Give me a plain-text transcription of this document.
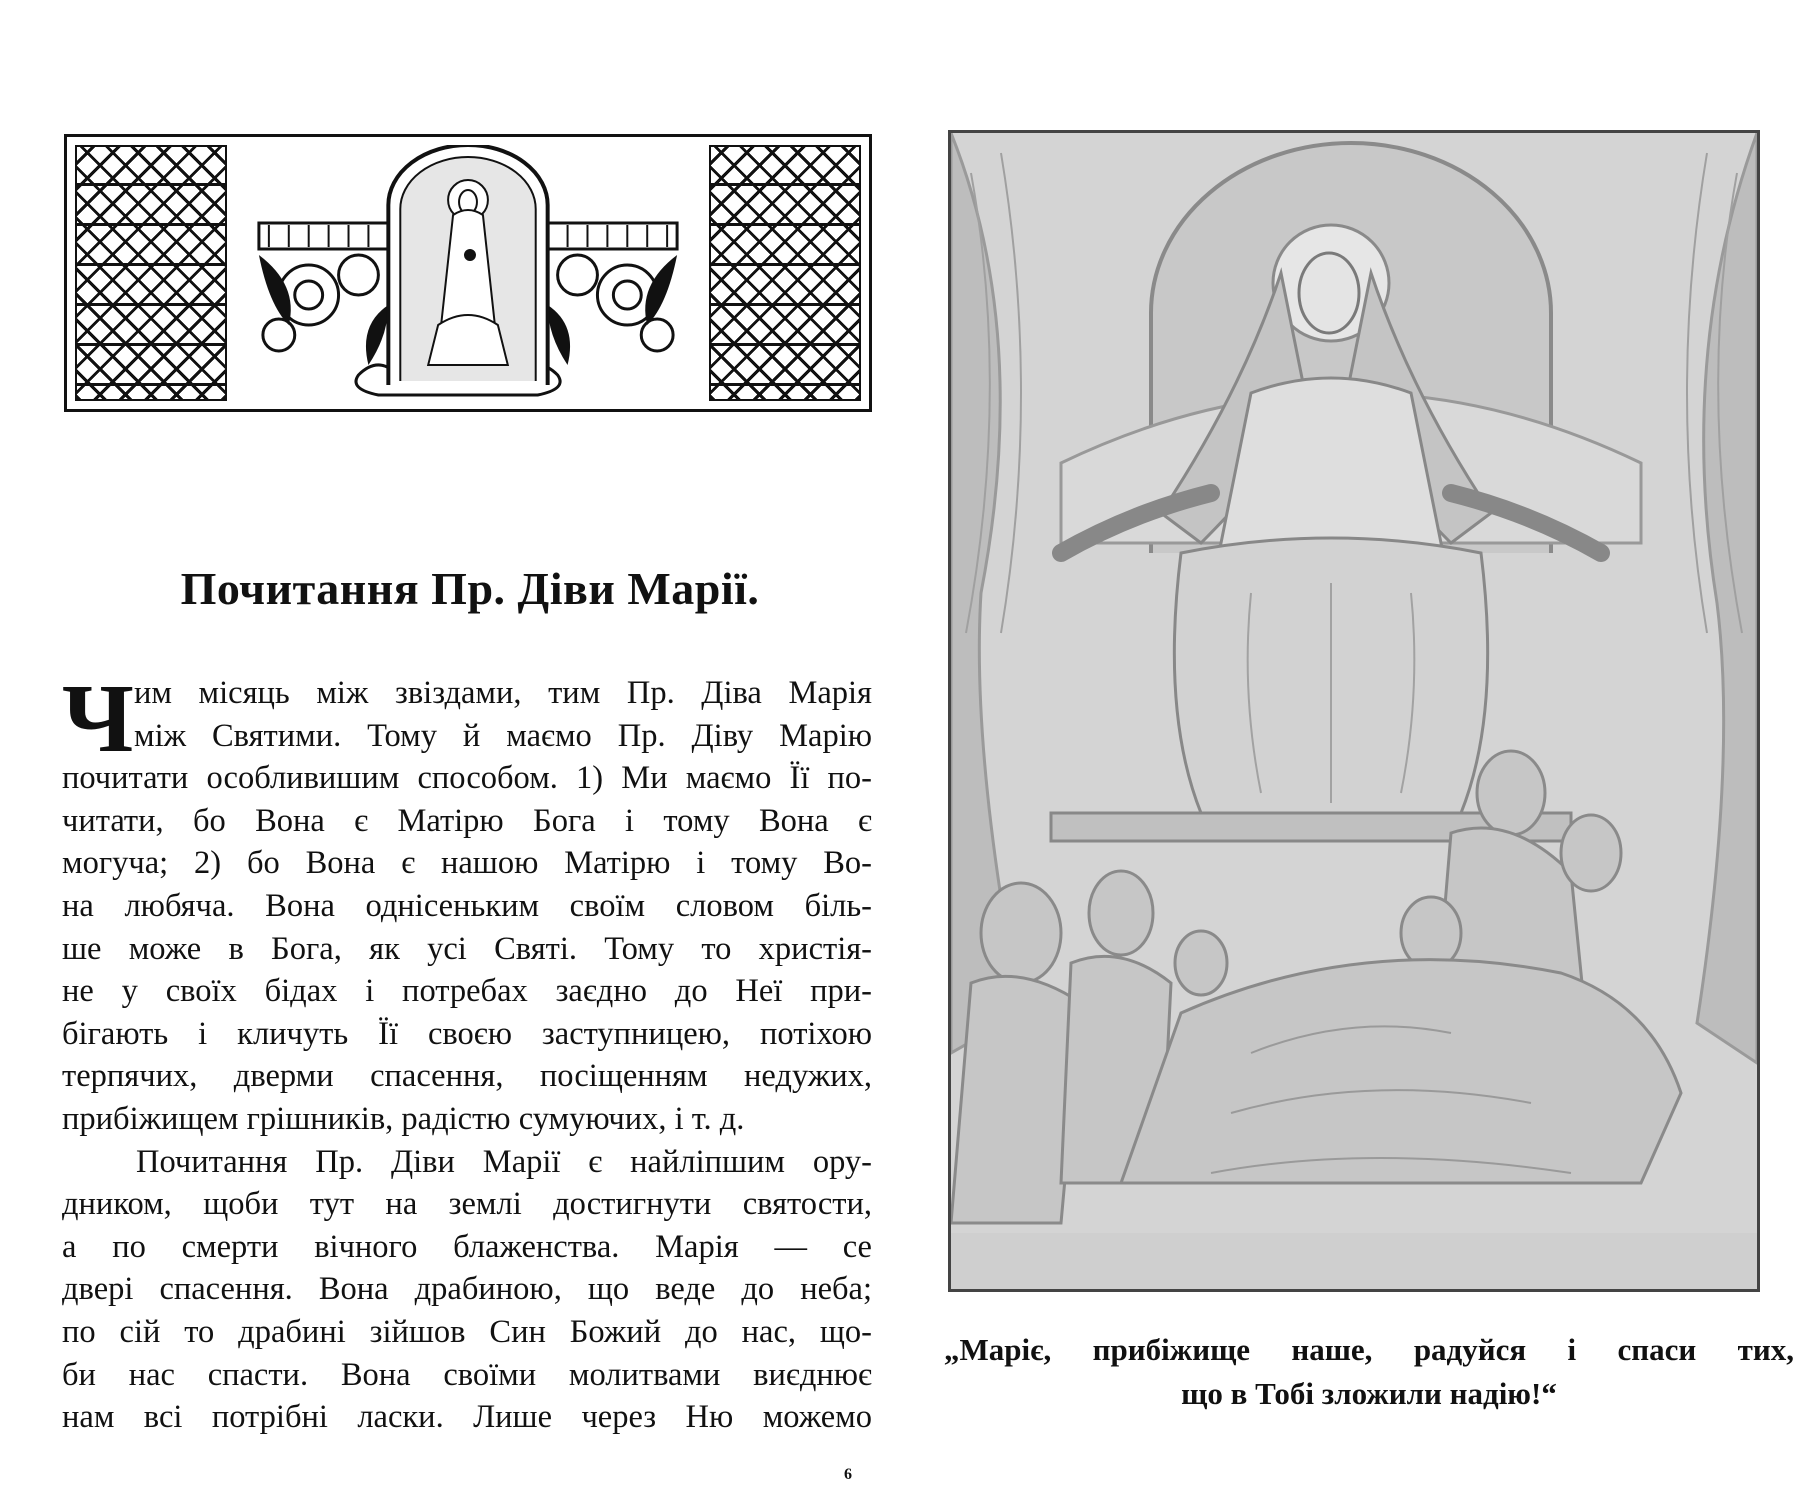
Почитання Пр. Діви Марії.
Ч им місяць між звіздами, тим Пр. Діва Марія
між Святими. Тому й маємо Пр. Діву Марію
почитати особливишим способом. 1) Ми маємо Її по-
читати, бо Вона є Матірю Бога і тому Вона є
могуча; 2) бо Вона є нашою Матірю і тому Во-
на любяча. Вона однісеньким своїм словом біль-
ше може в Бога, як усі Святі. Тому то христія-
не у своїх бідах і потребах заєдно до Неї при-
бігають і кличуть Її своєю заступницею, потіхою
терпячих, дверми спасення, посіщенням недужих,
прибіжищем грішників, радістю сумуючих, і т. д.
Почитання Пр. Діви Марії є найліпшим ору-
дником, щоби тут на землі достигнути святости,
а по смерти вічного блаженства. Марія — се
двері спасення. Вона драбиною, що веде до неба;
по сій то драбині зійшов Син Божий до нас, що-
би нас спасти. Вона своїми молитвами виєднює
нам всі потрібні ласки. Лише через Ню можемо
6
„Маріє, прибіжище наше, радуйся і спаси тих,
що в Тобі зложили надію!“
